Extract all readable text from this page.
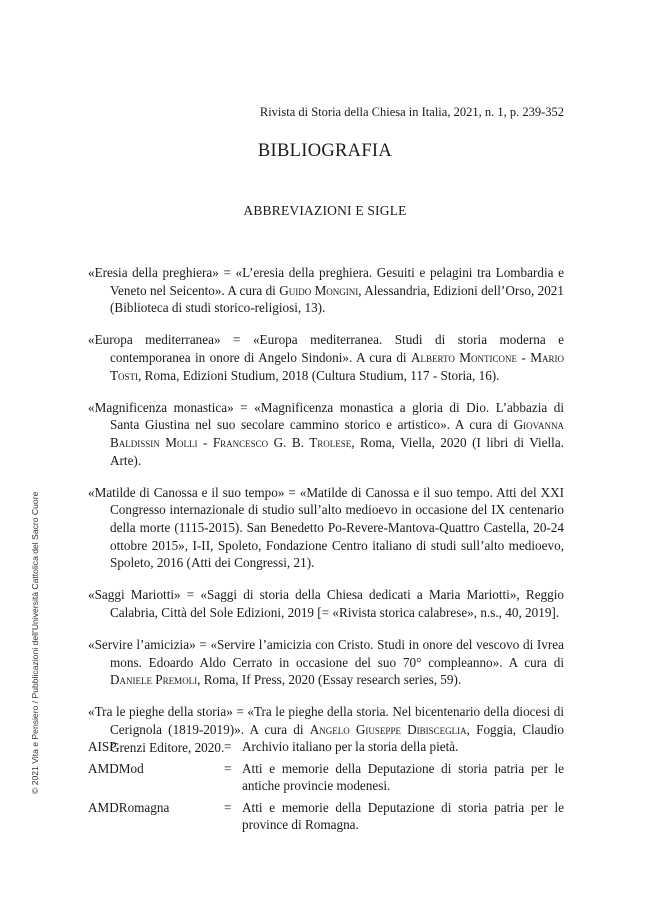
Rivista di Storia della Chiesa in Italia, 2021, n. 1, p. 239-352
BIBLIOGRAFIA
ABBREVIAZIONI E SIGLE
«Eresia della preghiera» = «L’eresia della preghiera. Gesuiti e pelagini tra Lombardia e Veneto nel Seicento». A cura di Guido Mongini, Alessandria, Edizioni dell’Orso, 2021 (Biblioteca di studi storico-religiosi, 13).
«Europa mediterranea» = «Europa mediterranea. Studi di storia moderna e contemporanea in onore di Angelo Sindoni». A cura di Alberto Monticone - Mario Tosti, Roma, Edizioni Studium, 2018 (Cultura Studium, 117 - Storia, 16).
«Magnificenza monastica» = «Magnificenza monastica a gloria di Dio. L’abbazia di Santa Giustina nel suo secolare cammino storico e artistico». A cura di Giovanna Baldissin Molli - Francesco G. B. Trolese, Roma, Viella, 2020 (I libri di Viella. Arte).
«Matilde di Canossa e il suo tempo» = «Matilde di Canossa e il suo tempo. Atti del XXI Congresso internazionale di studio sull’alto medioevo in occasione del IX centenario della morte (1115-2015). San Benedetto Po-Revere-Mantova-Quattro Castella, 20-24 ottobre 2015», I-II, Spoleto, Fondazione Centro italiano di studi sull’alto medioevo, Spoleto, 2016 (Atti dei Congressi, 21).
«Saggi Mariotti» = «Saggi di storia della Chiesa dedicati a Maria Mariotti», Reggio Calabria, Città del Sole Edizioni, 2019 [= «Rivista storica calabrese», n.s., 40, 2019].
«Servire l’amicizia» = «Servire l’amicizia con Cristo. Studi in onore del vescovo di Ivrea mons. Edoardo Aldo Cerrato in occasione del suo 70° compleanno». A cura di Daniele Premoli, Roma, If Press, 2020 (Essay research series, 59).
«Tra le pieghe della storia» = «Tra le pieghe della storia. Nel bicentenario della diocesi di Cerignola (1819-2019)». A cura di Angelo Giuseppe Dibisceglia, Foggia, Claudio Grenzi Editore, 2020.
AISP	= Archivio italiano per la storia della pietà.
AMDMod	= Atti e memorie della Deputazione di storia patria per le antiche provincie modenesi.
AMDRomagna	= Atti e memorie della Deputazione di storia patria per le province di Romagna.
© 2021 Vita e Pensiero / Pubblicazioni dell’Università Cattolica del Sacro Cuore
